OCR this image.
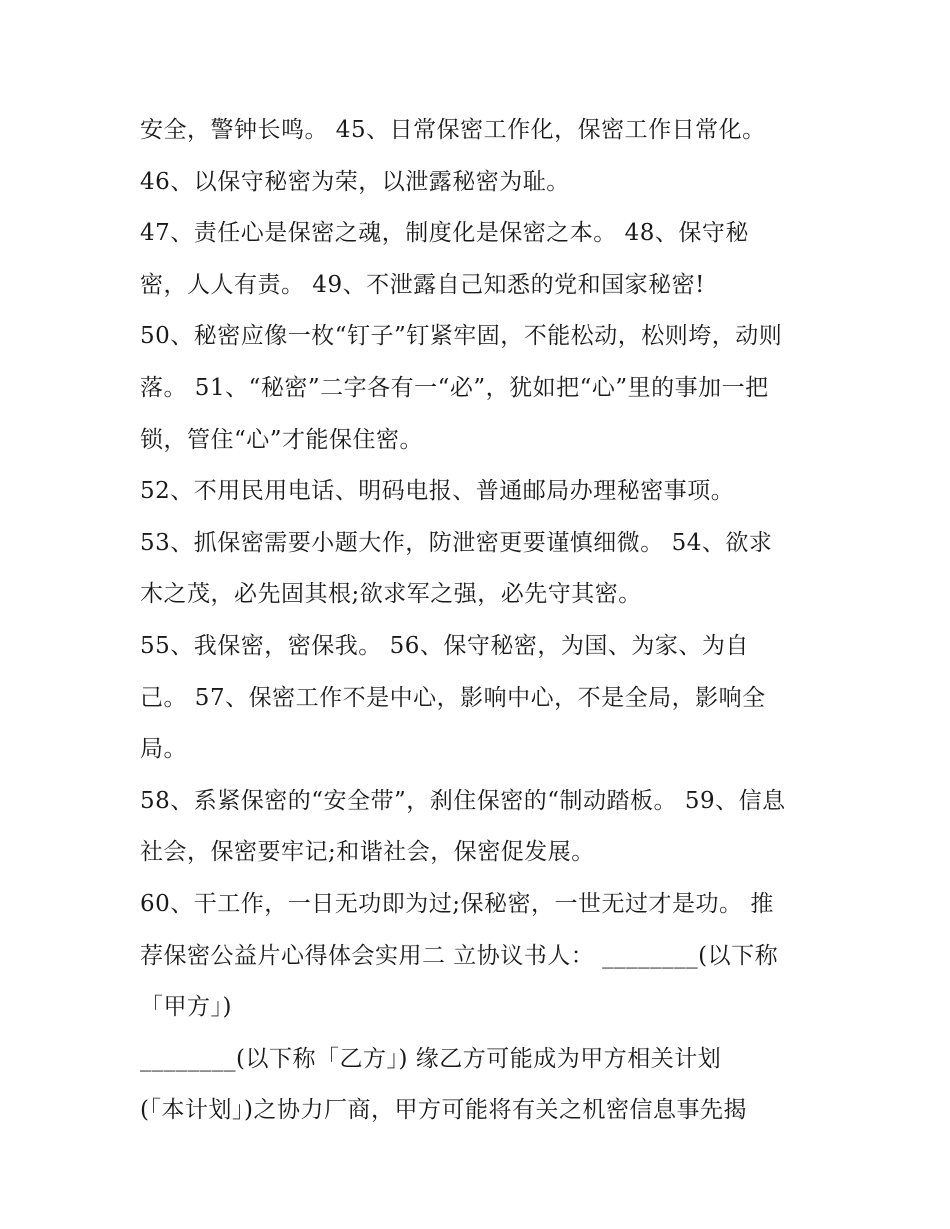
安全，警钟长鸣。 45、日常保密工作化，保密工作日常化。
46、以保守秘密为荣，以泄露秘密为耻。
47、责任心是保密之魂，制度化是保密之本。 48、保守秘
密，人人有责。 49、不泄露自己知悉的党和国家秘密!
50、秘密应像一枚“钉子”钉紧牢固，不能松动，松则垮，动则
落。 51、“秘密”二字各有一“必”，犹如把“心”里的事加一把
锁，管住“心”才能保住密。
52、不用民用电话、明码电报、普通邮局办理秘密事项。
53、抓保密需要小题大作，防泄密更要谨慎细微。 54、欲求
木之茂，必先固其根;欲求军之强，必先守其密。
55、我保密，密保我。 56、保守秘密，为国、为家、为自
己。 57、保密工作不是中心，影响中心，不是全局，影响全
局。
58、系紧保密的“安全带”，刹住保密的“制动踏板。 59、信息
社会，保密要牢记;和谐社会，保密促发展。
60、干工作，一日无功即为过;保秘密，一世无过才是功。 推
荐保密公益片心得体会实用二 立协议书人： ________(以下称
「甲方」)
________(以下称「乙方」) 缘乙方可能成为甲方相关计划
(「本计划」)之协力厂商，甲方可能将有关之机密信息事先揭
